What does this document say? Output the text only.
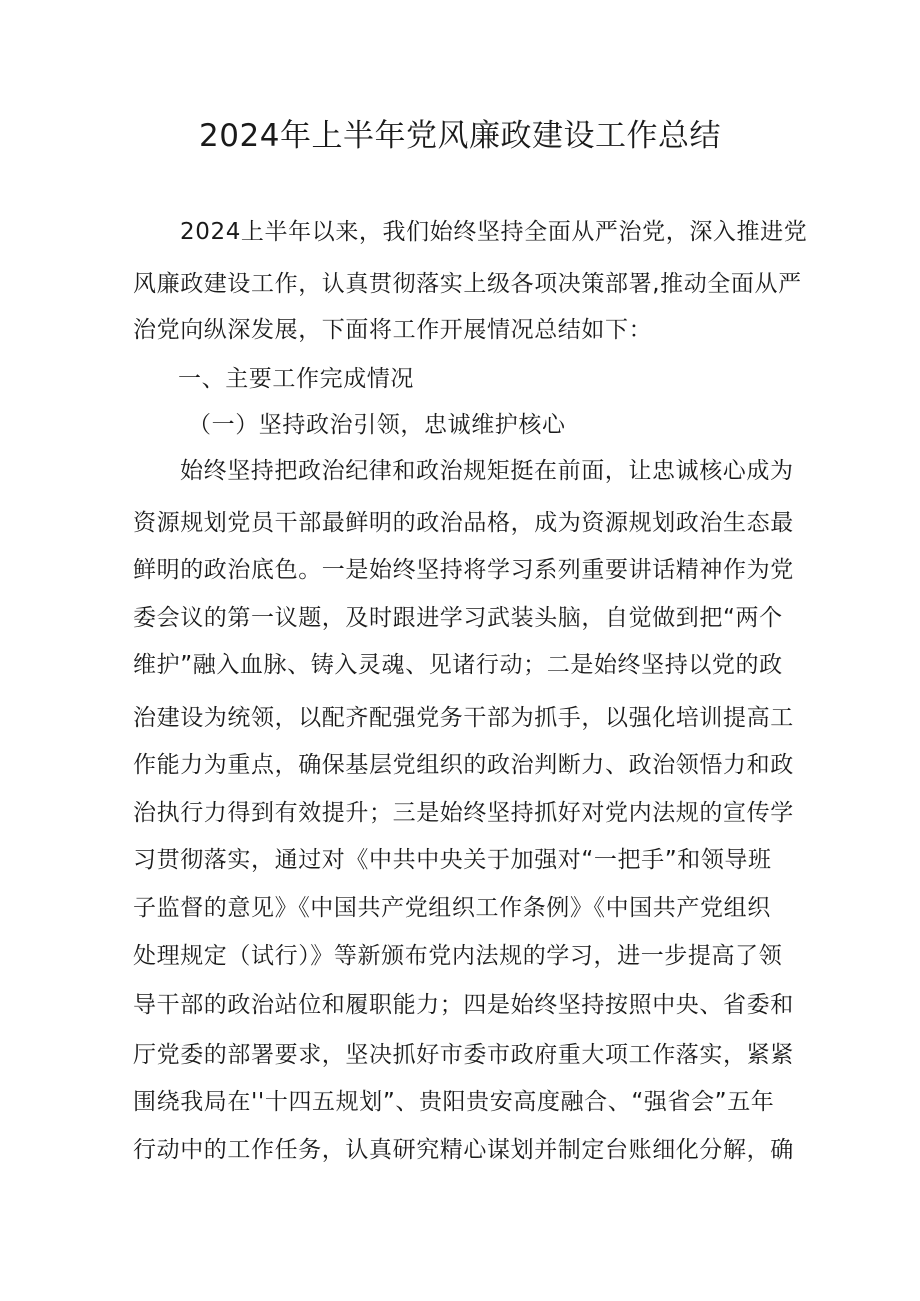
2024年上半年党风廉政建设工作总结
2024上半年以来，我们始终坚持全面从严治党，深入推进党
风廉政建设工作，认真贯彻落实上级各项决策部署,推动全面从严
治党向纵深发展，下面将工作开展情况总结如下：
一、主要工作完成情况
（一）坚持政治引领，忠诚维护核心
始终坚持把政治纪律和政治规矩挺在前面，让忠诚核心成为
资源规划党员干部最鲜明的政治品格，成为资源规划政治生态最
鲜明的政治底色。一是始终坚持将学习系列重要讲话精神作为党
委会议的第一议题，及时跟进学习武装头脑，自觉做到把“两个
维护”融入血脉、铸入灵魂、见诸行动；二是始终坚持以党的政
治建设为统领，以配齐配强党务干部为抓手，以强化培训提高工
作能力为重点，确保基层党组织的政治判断力、政治领悟力和政
治执行力得到有效提升；三是始终坚持抓好对党内法规的宣传学
习贯彻落实，通过对《中共中央关于加强对“一把手”和领导班
子监督的意见》《中国共产党组织工作条例》《中国共产党组织
处理规定（试行）》等新颁布党内法规的学习，进一步提高了领
导干部的政治站位和履职能力；四是始终坚持按照中央、省委和
厅党委的部署要求，坚决抓好市委市政府重大项工作落实，紧紧
围绕我局在''十四五规划”、贵阳贵安高度融合、“强省会”五年
行动中的工作任务，认真研究精心谋划并制定台账细化分解，确
